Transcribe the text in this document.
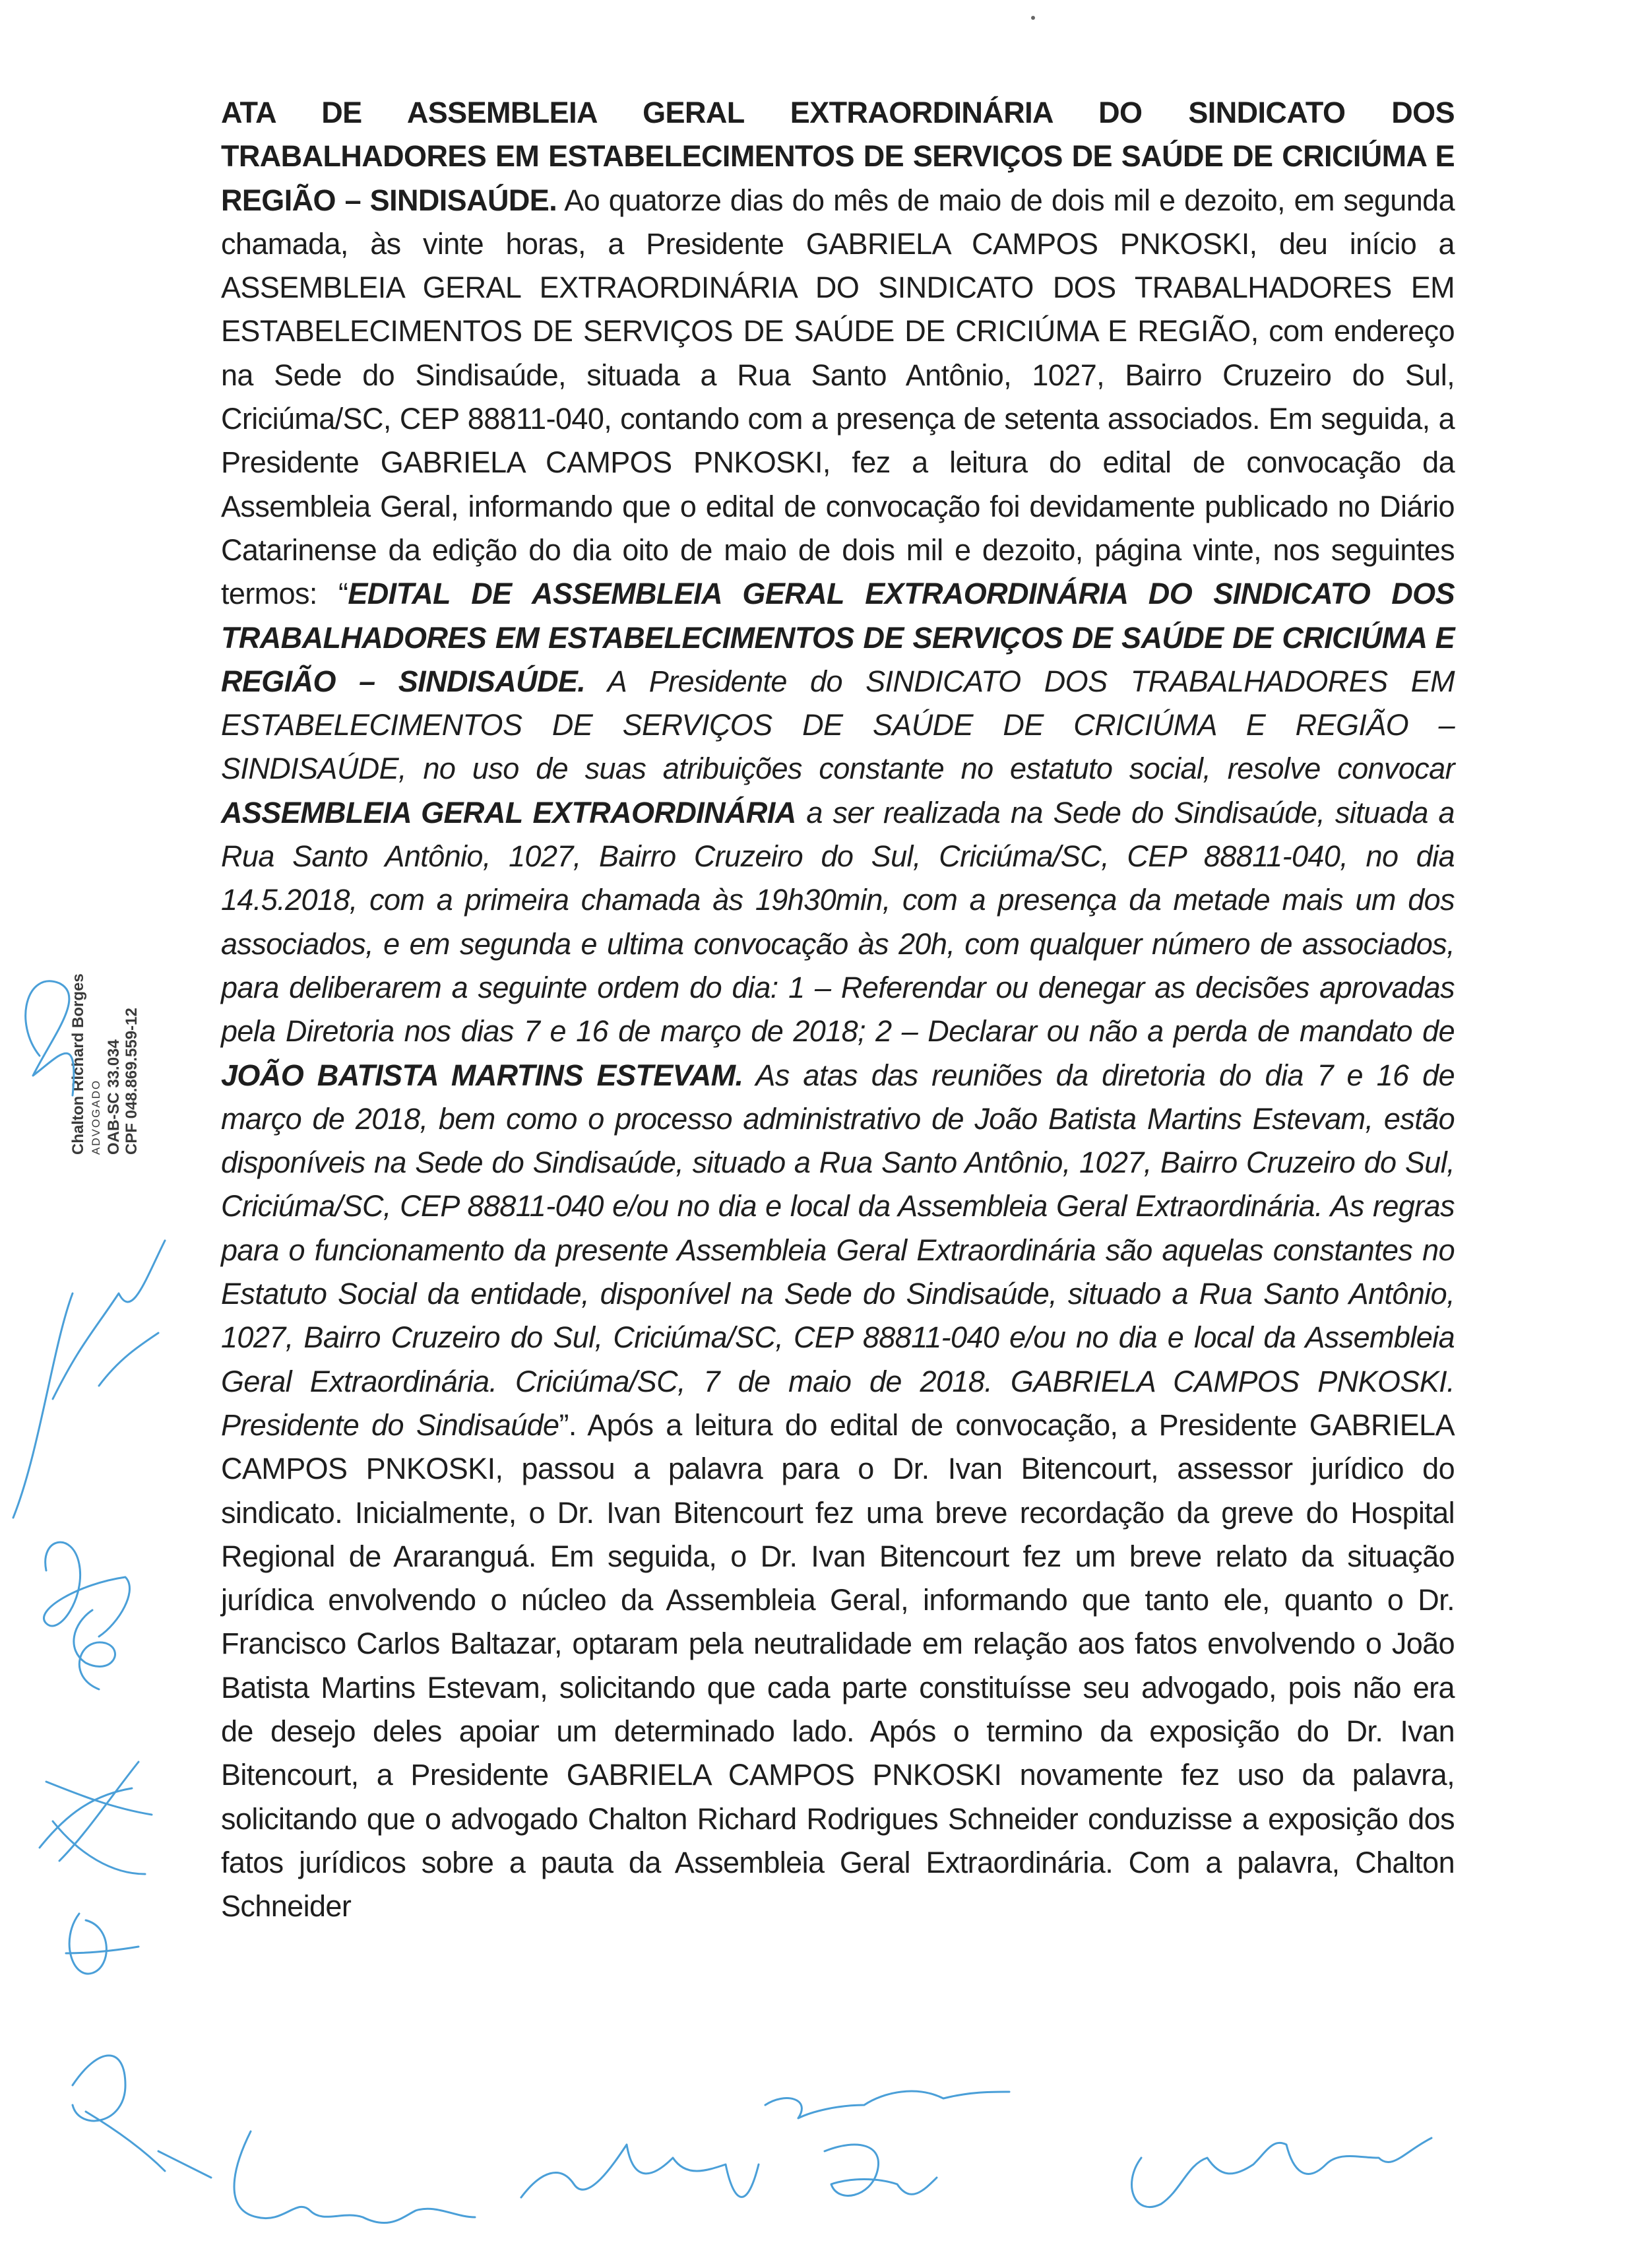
ATA DE ASSEMBLEIA GERAL EXTRAORDINÁRIA DO SINDICATO DOS TRABALHADORES EM ESTABELECIMENTOS DE SERVIÇOS DE SAÚDE DE CRICIÚMA E REGIÃO – SINDISAÚDE. Ao quatorze dias do mês de maio de dois mil e dezoito, em segunda chamada, às vinte horas, a Presidente GABRIELA CAMPOS PNKOSKI, deu início a ASSEMBLEIA GERAL EXTRAORDINÁRIA DO SINDICATO DOS TRABALHADORES EM ESTABELECIMENTOS DE SERVIÇOS DE SAÚDE DE CRICIÚMA E REGIÃO, com endereço na Sede do Sindisaúde, situada a Rua Santo Antônio, 1027, Bairro Cruzeiro do Sul, Criciúma/SC, CEP 88811-040, contando com a presença de setenta associados. Em seguida, a Presidente GABRIELA CAMPOS PNKOSKI, fez a leitura do edital de convocação da Assembleia Geral, informando que o edital de convocação foi devidamente publicado no Diário Catarinense da edição do dia oito de maio de dois mil e dezoito, página vinte, nos seguintes termos: “EDITAL DE ASSEMBLEIA GERAL EXTRAORDINÁRIA DO SINDICATO DOS TRABALHADORES EM ESTABELECIMENTOS DE SERVIÇOS DE SAÚDE DE CRICIÚMA E REGIÃO – SINDISAÚDE. A Presidente do SINDICATO DOS TRABALHADORES EM ESTABELECIMENTOS DE SERVIÇOS DE SAÚDE DE CRICIÚMA E REGIÃO – SINDISAÚDE, no uso de suas atribuições constante no estatuto social, resolve convocar ASSEMBLEIA GERAL EXTRAORDINÁRIA a ser realizada na Sede do Sindisaúde, situada a Rua Santo Antônio, 1027, Bairro Cruzeiro do Sul, Criciúma/SC, CEP 88811-040, no dia 14.5.2018, com a primeira chamada às 19h30min, com a presença da metade mais um dos associados, e em segunda e ultima convocação às 20h, com qualquer número de associados, para deliberarem a seguinte ordem do dia: 1 – Referendar ou denegar as decisões aprovadas pela Diretoria nos dias 7 e 16 de março de 2018; 2 – Declarar ou não a perda de mandato de JOÃO BATISTA MARTINS ESTEVAM. As atas das reuniões da diretoria do dia 7 e 16 de março de 2018, bem como o processo administrativo de João Batista Martins Estevam, estão disponíveis na Sede do Sindisaúde, situado a Rua Santo Antônio, 1027, Bairro Cruzeiro do Sul, Criciúma/SC, CEP 88811-040 e/ou no dia e local da Assembleia Geral Extraordinária. As regras para o funcionamento da presente Assembleia Geral Extraordinária são aquelas constantes no Estatuto Social da entidade, disponível na Sede do Sindisaúde, situado a Rua Santo Antônio, 1027, Bairro Cruzeiro do Sul, Criciúma/SC, CEP 88811-040 e/ou no dia e local da Assembleia Geral Extraordinária. Criciúma/SC, 7 de maio de 2018. GABRIELA CAMPOS PNKOSKI. Presidente do Sindisaúde”. Após a leitura do edital de convocação, a Presidente GABRIELA CAMPOS PNKOSKI, passou a palavra para o Dr. Ivan Bitencourt, assessor jurídico do sindicato. Inicialmente, o Dr. Ivan Bitencourt fez uma breve recordação da greve do Hospital Regional de Araranguá. Em seguida, o Dr. Ivan Bitencourt fez um breve relato da situação jurídica envolvendo o núcleo da Assembleia Geral, informando que tanto ele, quanto o Dr. Francisco Carlos Baltazar, optaram pela neutralidade em relação aos fatos envolvendo o João Batista Martins Estevam, solicitando que cada parte constituísse seu advogado, pois não era de desejo deles apoiar um determinado lado. Após o termino da exposição do Dr. Ivan Bitencourt, a Presidente GABRIELA CAMPOS PNKOSKI novamente fez uso da palavra, solicitando que o advogado Chalton Richard Rodrigues Schneider conduzisse a exposição dos fatos jurídicos sobre a pauta da Assembleia Geral Extraordinária. Com a palavra, Chalton Schneider
Chalton Richard Borges ADVOGADO OAB-SC 33.034 CPF 048.869.559-12
